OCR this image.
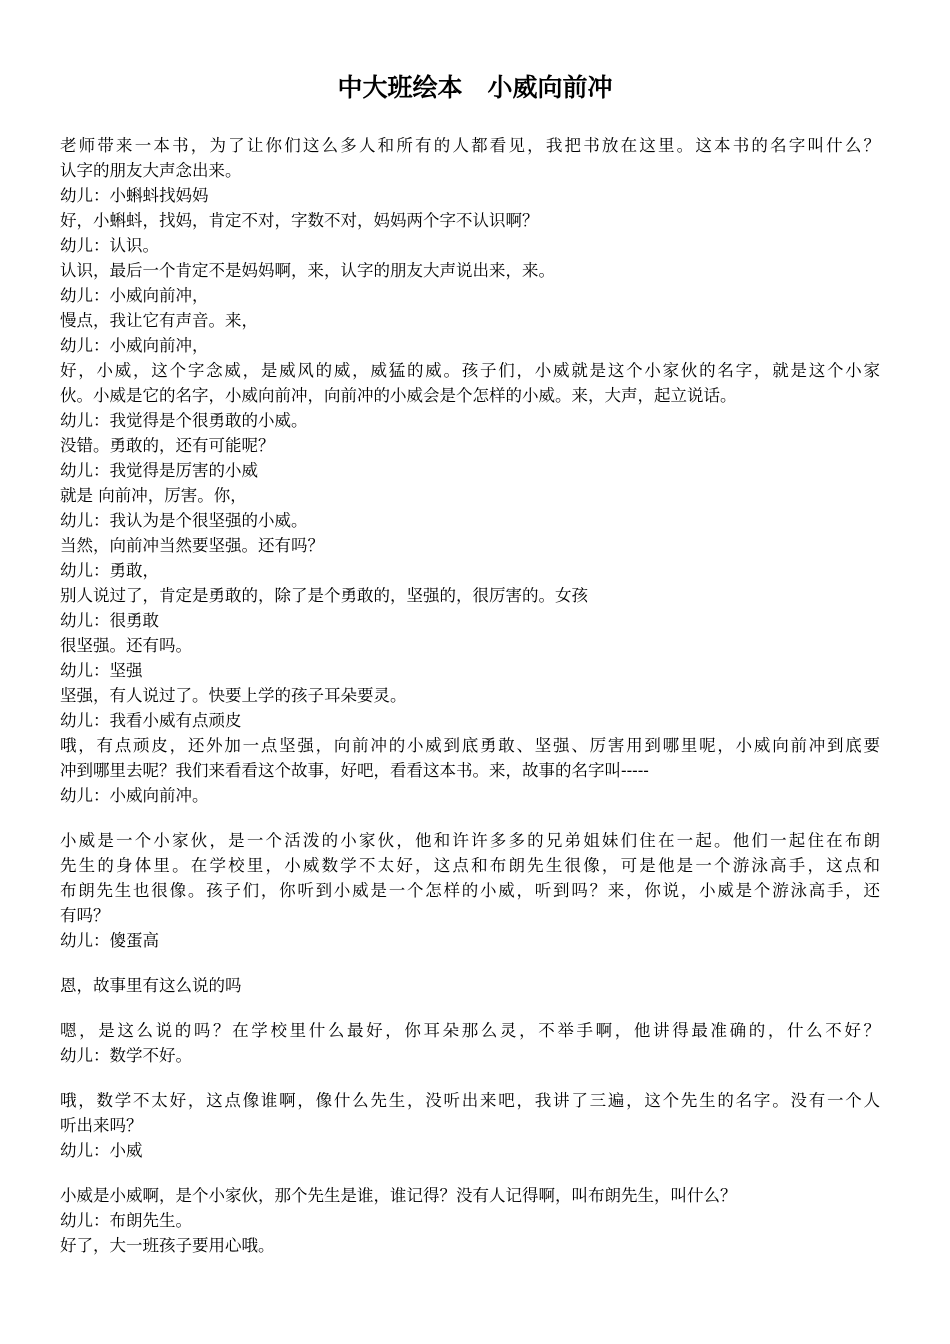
中大班绘本　小威向前冲
老师带来一本书，为了让你们这么多人和所有的人都看见，我把书放在这里。这本书的名字叫什么？
认字的朋友大声念出来。
幼儿：小蝌蚪找妈妈
好，小蝌蚪，找妈，肯定不对，字数不对，妈妈两个字不认识啊？
幼儿：认识。
认识，最后一个肯定不是妈妈啊，来，认字的朋友大声说出来，来。
幼儿：小威向前冲，
慢点，我让它有声音。来，
幼儿：小威向前冲，
好，小威，这个字念威，是威风的威，威猛的威。孩子们，小威就是这个小家伙的名字，就是这个小家
伙。小威是它的名字，小威向前冲，向前冲的小威会是个怎样的小威。来，大声，起立说话。
幼儿：我觉得是个很勇敢的小威。
没错。勇敢的，还有可能呢？
幼儿：我觉得是厉害的小威
就是 向前冲，厉害。你，
幼儿：我认为是个很坚强的小威。
当然，向前冲当然要坚强。还有吗？
幼儿：勇敢，
别人说过了，肯定是勇敢的，除了是个勇敢的，坚强的，很厉害的。女孩
幼儿：很勇敢
很坚强。还有吗。
幼儿：坚强
坚强，有人说过了。快要上学的孩子耳朵要灵。
幼儿：我看小威有点顽皮
哦，有点顽皮，还外加一点坚强，向前冲的小威到底勇敢、坚强、厉害用到哪里呢，小威向前冲到底要
冲到哪里去呢？我们来看看这个故事，好吧，看看这本书。来，故事的名字叫-----
幼儿：小威向前冲。
小威是一个小家伙，是一个活泼的小家伙，他和许许多多的兄弟姐妹们住在一起。他们一起住在布朗
先生的身体里。在学校里，小威数学不太好，这点和布朗先生很像，可是他是一个游泳高手，这点和
布朗先生也很像。孩子们，你听到小威是一个怎样的小威，听到吗？来，你说，小威是个游泳高手，还
有吗？
幼儿：傻蛋高
恩，故事里有这么说的吗
嗯，是这么说的吗？在学校里什么最好，你耳朵那么灵，不举手啊，他讲得最准确的，什么不好？
幼儿：数学不好。
哦，数学不太好，这点像谁啊，像什么先生，没听出来吧，我讲了三遍，这个先生的名字。没有一个人
听出来吗？
幼儿：小威
小威是小威啊，是个小家伙，那个先生是谁，谁记得？没有人记得啊，叫布朗先生，叫什么？
幼儿：布朗先生。
好了，大一班孩子要用心哦。
